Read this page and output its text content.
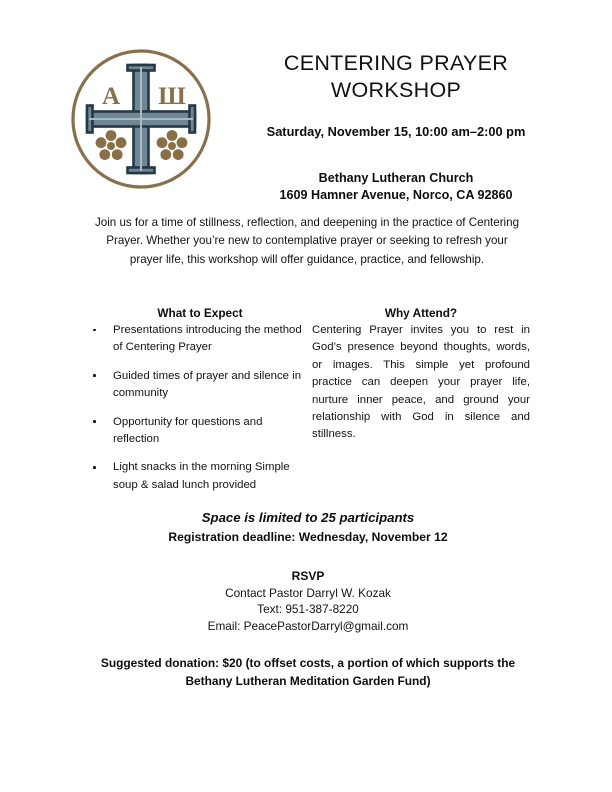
A Ш
CENTERING PRAYER
WORKSHOP
Saturday, November 15, 10:00 am–2:00 pm
Bethany Lutheran Church
1609 Hamner Avenue, Norco, CA 92860
Join us for a time of stillness, reflection, and deepening in the practice of Centering Prayer. Whether you’re new to contemplative prayer or seeking to refresh your prayer life, this workshop will offer guidance, practice, and fellowship.
What to Expect
Presentations introducing the method of Centering Prayer
Guided times of prayer and silence in community
Opportunity for questions and reflection
Light snacks in the morning Simple soup & salad lunch provided
Why Attend?
Centering Prayer invites you to rest in God’s presence beyond thoughts, words, or images. This simple yet profound practice can deepen your prayer life, nurture inner peace, and ground your relationship with God in silence and stillness.
Space is limited to 25 participants
Registration deadline: Wednesday, November 12
RSVP
Contact Pastor Darryl W. Kozak
Text: 951-387-8220
Email: PeacePastorDarryl@gmail.com
Suggested donation: $20 (to offset costs, a portion of which supports the
Bethany Lutheran Meditation Garden Fund)
